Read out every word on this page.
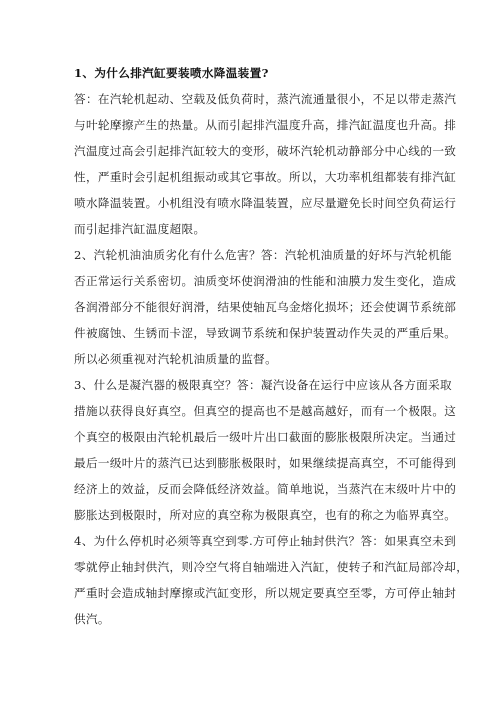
1、为什么排汽缸要装喷水降温装置?
答：在汽轮机起动、空载及低负荷时，蒸汽流通量很小，不足以带走蒸汽
与叶轮摩擦产生的热量。从而引起排汽温度升高，排汽缸温度也升高。排
汽温度过高会引起排汽缸较大的变形，破坏汽轮机动静部分中心线的一致
性，严重时会引起机组振动或其它事故。所以，大功率机组都装有排汽缸
喷水降温装置。小机组没有喷水降温装置，应尽量避免长时间空负荷运行
而引起排汽缸温度超限。
2、汽轮机油油质劣化有什么危害？答：汽轮机油质量的好坏与汽轮机能
否正常运行关系密切。油质变坏使润滑油的性能和油膜力发生变化，造成
各润滑部分不能很好润滑，结果使轴瓦乌金熔化损坏；还会使调节系统部
件被腐蚀、生锈而卡涩，导致调节系统和保护装置动作失灵的严重后果。
所以必须重视对汽轮机油质量的监督。
3、什么是凝汽器的极限真空？答：凝汽设备在运行中应该从各方面采取
措施以获得良好真空。但真空的提高也不是越高越好，而有一个极限。这
个真空的极限由汽轮机最后一级叶片出口截面的膨胀极限所决定。当通过
最后一级叶片的蒸汽已达到膨胀极限时，如果继续提高真空，不可能得到
经济上的效益，反而会降低经济效益。简单地说，当蒸汽在末级叶片中的
膨胀达到极限时，所对应的真空称为极限真空，也有的称之为临界真空。
4、为什么停机时必须等真空到零.方可停止轴封供汽？答：如果真空未到
零就停止轴封供汽，则冷空气将自轴端进入汽缸，使转子和汽缸局部冷却，
严重时会造成轴封摩擦或汽缸变形，所以规定要真空至零，方可停止轴封
供汽。
